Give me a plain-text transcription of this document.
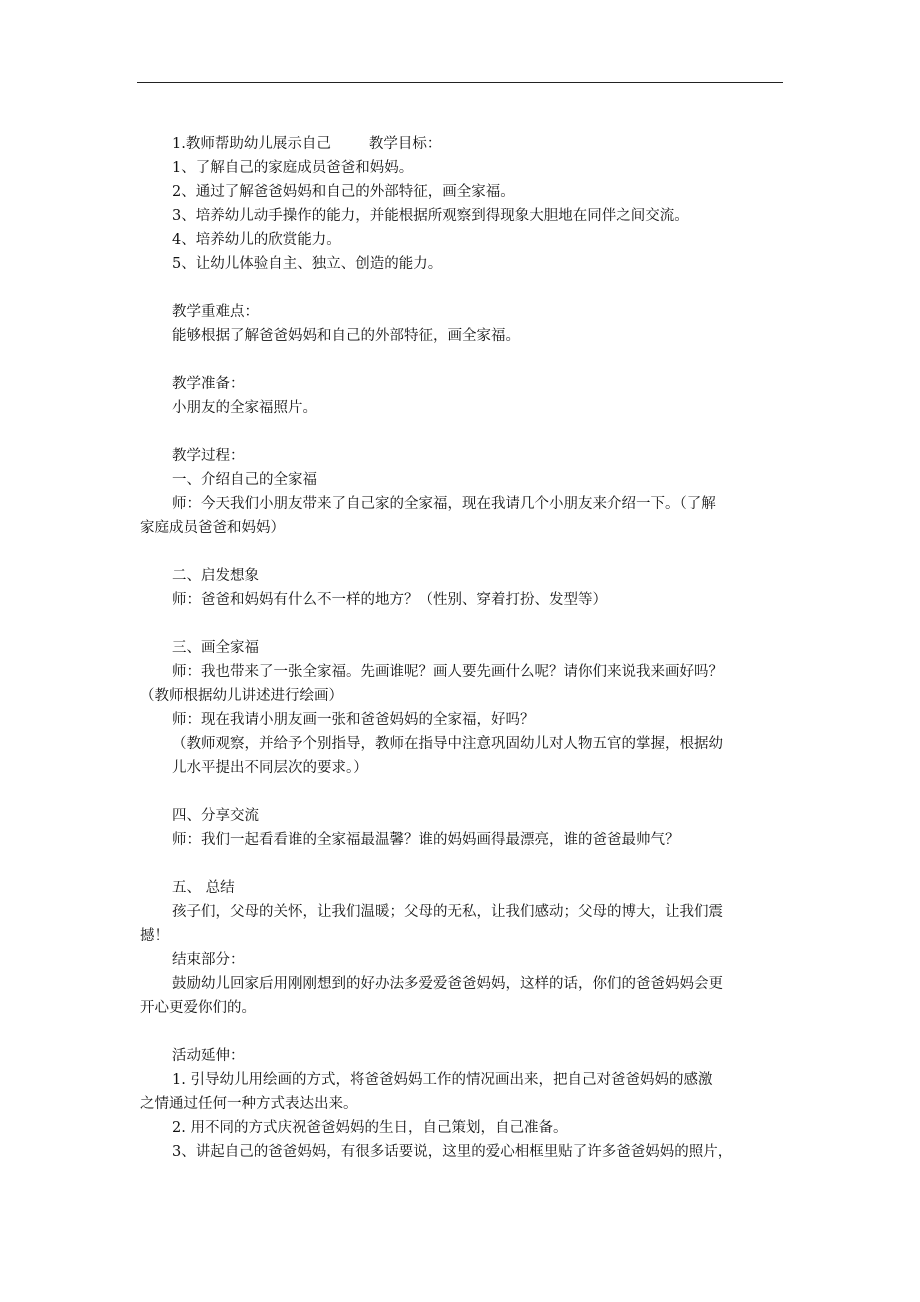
1.教师帮助幼儿展示自己	教学目标：
1、了解自己的家庭成员爸爸和妈妈。
2、通过了解爸爸妈妈和自己的外部特征，画全家福。
3、培养幼儿动手操作的能力，并能根据所观察到得现象大胆地在同伴之间交流。
4、培养幼儿的欣赏能力。
5、让幼儿体验自主、独立、创造的能力。
教学重难点：
能够根据了解爸爸妈妈和自己的外部特征，画全家福。
教学准备：
小朋友的全家福照片。
教学过程：
一、介绍自己的全家福
师：今天我们小朋友带来了自己家的全家福，现在我请几个小朋友来介绍一下。（了解
家庭成员爸爸和妈妈）
二、启发想象
师：爸爸和妈妈有什么不一样的地方？（性别、穿着打扮、发型等）
三、画全家福
师：我也带来了一张全家福。先画谁呢？画人要先画什么呢？请你们来说我来画好吗？
（教师根据幼儿讲述进行绘画）
师：现在我请小朋友画一张和爸爸妈妈的全家福，好吗？
（教师观察，并给予个别指导，教师在指导中注意巩固幼儿对人物五官的掌握，根据幼
儿水平提出不同层次的要求。）
四、分享交流
师：我们一起看看谁的全家福最温馨？谁的妈妈画得最漂亮，谁的爸爸最帅气？
五、 总结
孩子们，父母的关怀，让我们温暖；父母的无私，让我们感动；父母的博大，让我们震
撼！
结束部分：
鼓励幼儿回家后用刚刚想到的好办法多爱爱爸爸妈妈，这样的话，你们的爸爸妈妈会更
开心更爱你们的。
活动延伸：
1. 引导幼儿用绘画的方式，将爸爸妈妈工作的情况画出来，把自己对爸爸妈妈的感激
之情通过任何一种方式表达出来。
2. 用不同的方式庆祝爸爸妈妈的生日，自己策划，自己准备。
3、讲起自己的爸爸妈妈，有很多话要说，这里的爱心相框里贴了许多爸爸妈妈的照片，
